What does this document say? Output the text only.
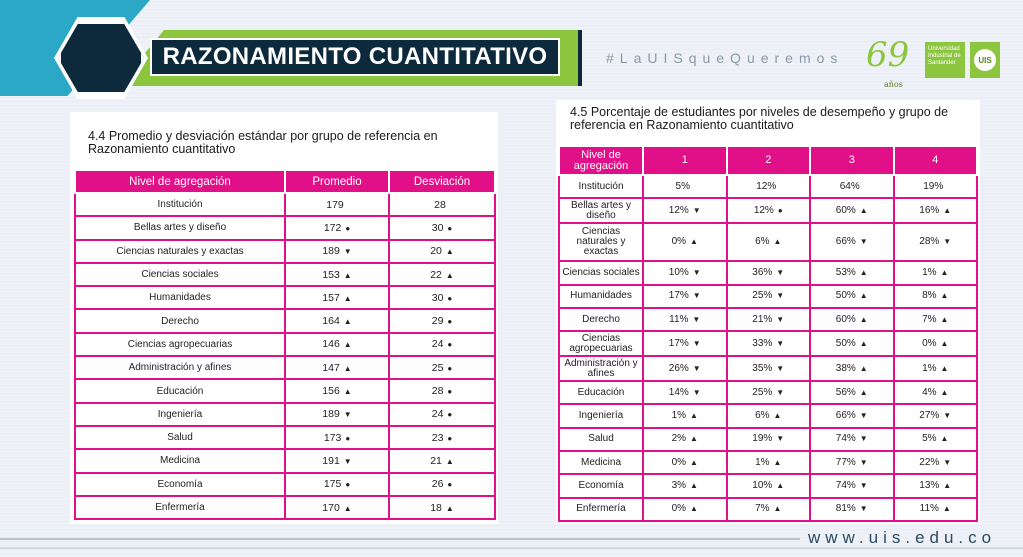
RAZONAMIENTO CUANTITATIVO	#LaUISqueQueremos 69
años
Universidad Industrial de Santander	UIS
4.4 Promedio y desviación estándar por grupo de referencia en Razonamiento cuantitativo
4.5 Porcentaje de estudiantes por niveles de desempeño y grupo de referencia en Razonamiento cuantitativo
Nivel de agregación	Promedio	Desviación
Institución	179	28
Bellas artes y diseño	172 ●	30 ●
Ciencias naturales y exactas	189 ▼	20 ▲
Ciencias sociales	153 ▲	22 ▲
Humanidades	157 ▲	30 ●
Derecho	164 ▲	29 ●
Ciencias agropecuarias	146 ▲	24 ●
Administración y afines	147 ▲	25 ●
Educación	156 ▲	28 ●
Ingeniería	189 ▼	24 ●
Salud	173 ●	23 ●
Medicina	191 ▼	21 ▲
Economía	175 ●	26 ●
Enfermería	170 ▲	18 ▲
Nivel de agregación	1	2	3	4
Institución	5%	12%	64%	19%
Bellas artes y diseño	12% ▼	12% ●	60% ▲	16% ▲
Ciencias naturales y exactas	0% ▲	6% ▲	66% ▼	28% ▼
Ciencias sociales	10% ▼	36% ▼	53% ▲	1% ▲
Humanidades	17% ▼	25% ▼	50% ▲	8% ▲
Derecho	11% ▼	21% ▼	60% ▲	7% ▲
Ciencias agropecuarias	17% ▼	33% ▼	50% ▲	0% ▲
Administración y afines	26% ▼	35% ▼	38% ▲	1% ▲
Educación	14% ▼	25% ▼	56% ▲	4% ▲
Ingeniería	1% ▲	6% ▲	66% ▼	27% ▼
Salud	2% ▲	19% ▼	74% ▼	5% ▲
Medicina	0% ▲	1% ▲	77% ▼	22% ▼
Economía	3% ▲	10% ▲	74% ▼	13% ▲
Enfermería	0% ▲	7% ▲	81% ▼	11% ▲
www.uis.edu.co
